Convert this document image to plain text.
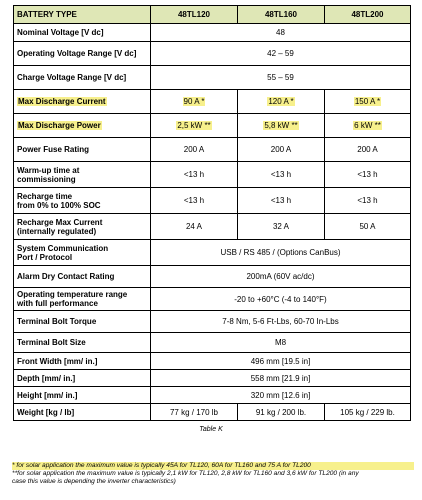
BATTERY TYPE	48TL120	48TL160	48TL200
Nominal Voltage [V dc]	48		
Operating Voltage Range [V dc]	42 – 59		
Charge Voltage Range [V dc]	55 – 59		
Max Discharge Current	90 A *	120 A *	150 A *
Max Discharge Power	2,5 kW **	5,8 kW **	6 kW **
Power Fuse Rating	200 A	200 A	200 A
Warm-up time at
commissioning	<13 h	<13 h	<13 h
Recharge time
from 0% to 100% SOC	<13 h	<13 h	<13 h
Recharge Max Current
(internally regulated)	24 A	32 A	50 A
System Communication
Port / Protocol	USB / RS 485 / (Options CanBus)		
Alarm Dry Contact Rating	200mA (60V ac/dc)		
Operating temperature range
with full performance	-20 to +60°C (-4 to 140°F)		
Terminal Bolt Torque	7-8 Nm, 5-6 Ft-Lbs, 60-70 In-Lbs		
Terminal Bolt Size	M8		
Front Width [mm/ in.]	496 mm [19.5 in]		
Depth [mm/ in.]	558 mm [21.9 in]		
Height [mm/ in.]	320 mm [12.6 in]		
Weight [kg / lb]	77 kg / 170 lb	91 kg / 200 lb.	105 kg / 229 lb.
Table K
* for solar application the maximum value is typically 45A for TL120, 60A for TL160 and 75 A for TL200
**for solar application the maximum value is typically 2,1 kW for TL120, 2,8 kW for TL160 and 3,6 kW for TL200 (in any
case this value is depending the inverter characteristics)
